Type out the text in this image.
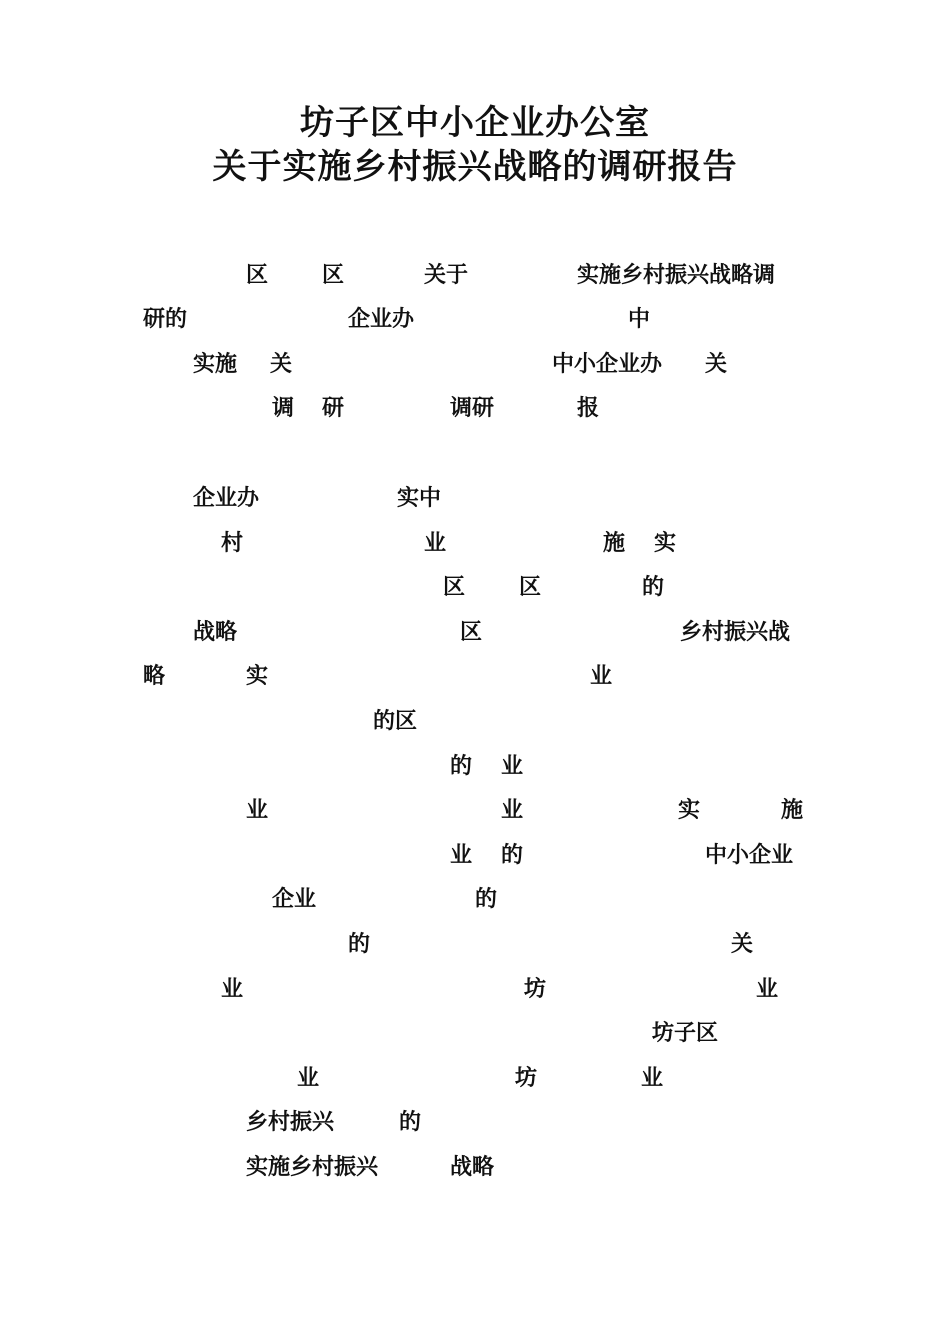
坊子区中小企业办公室
关于实施乡村振兴战略的调研报告
区 区	关于	实施乡村振兴战略调
研的	企业办	中
实施 关	中小企业办 关
调 研	调研	报
企业办	实中
村	业	施 实
区 区	的
战略	区	乡村振兴战
略	实	业
的区
的 业
业	业	实	施
业 的	中小企业
企业	的
的	关
业	坊	业
坊子区
业	坊	业
乡村振兴	的
实施乡村振兴	战略
